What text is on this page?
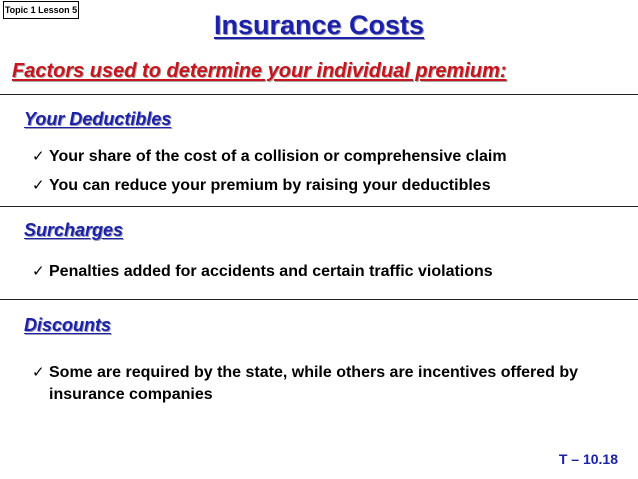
Topic 1 Lesson 5	Insurance Costs
Factors used to determine your individual premium:
Your Deductibles
✓ Your share of the cost of a collision or comprehensive claim
✓ You can reduce your premium by raising your deductibles
Surcharges
✓ Penalties added for accidents and certain traffic violations
Discounts
✓ Some are required by the state, while others are incentives offered by insurance companies
T – 10.18
